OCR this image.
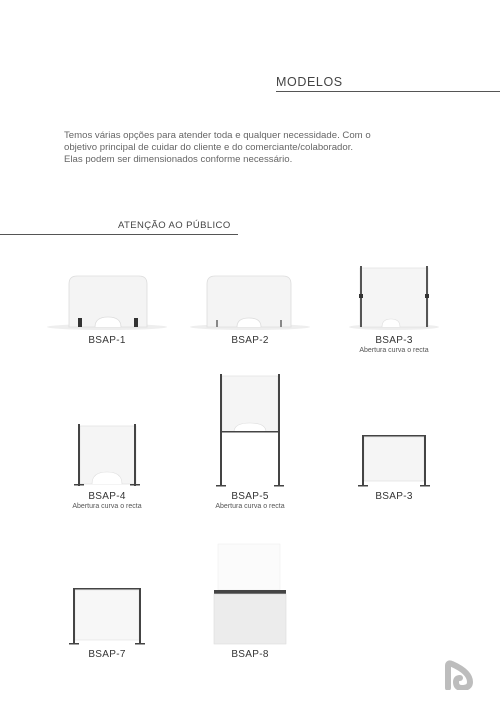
MODELOS

Temos várias opções para atender toda e qualquer necessidade. Com o

objetivo principal de cuidar do cliente e do comerciante/colaborador.

Elas podem ser dimensionados conforme necessário.

ATENÇÃO AO PÚBLICO
BSAP-1	BSAP-2	BSAP-3
Abertura curva o recta
BSAP-4
Abertura curva o recta
BSAP-5
Abertura curva o recta
BSAP-3
BSAP-7	BSAP-8
